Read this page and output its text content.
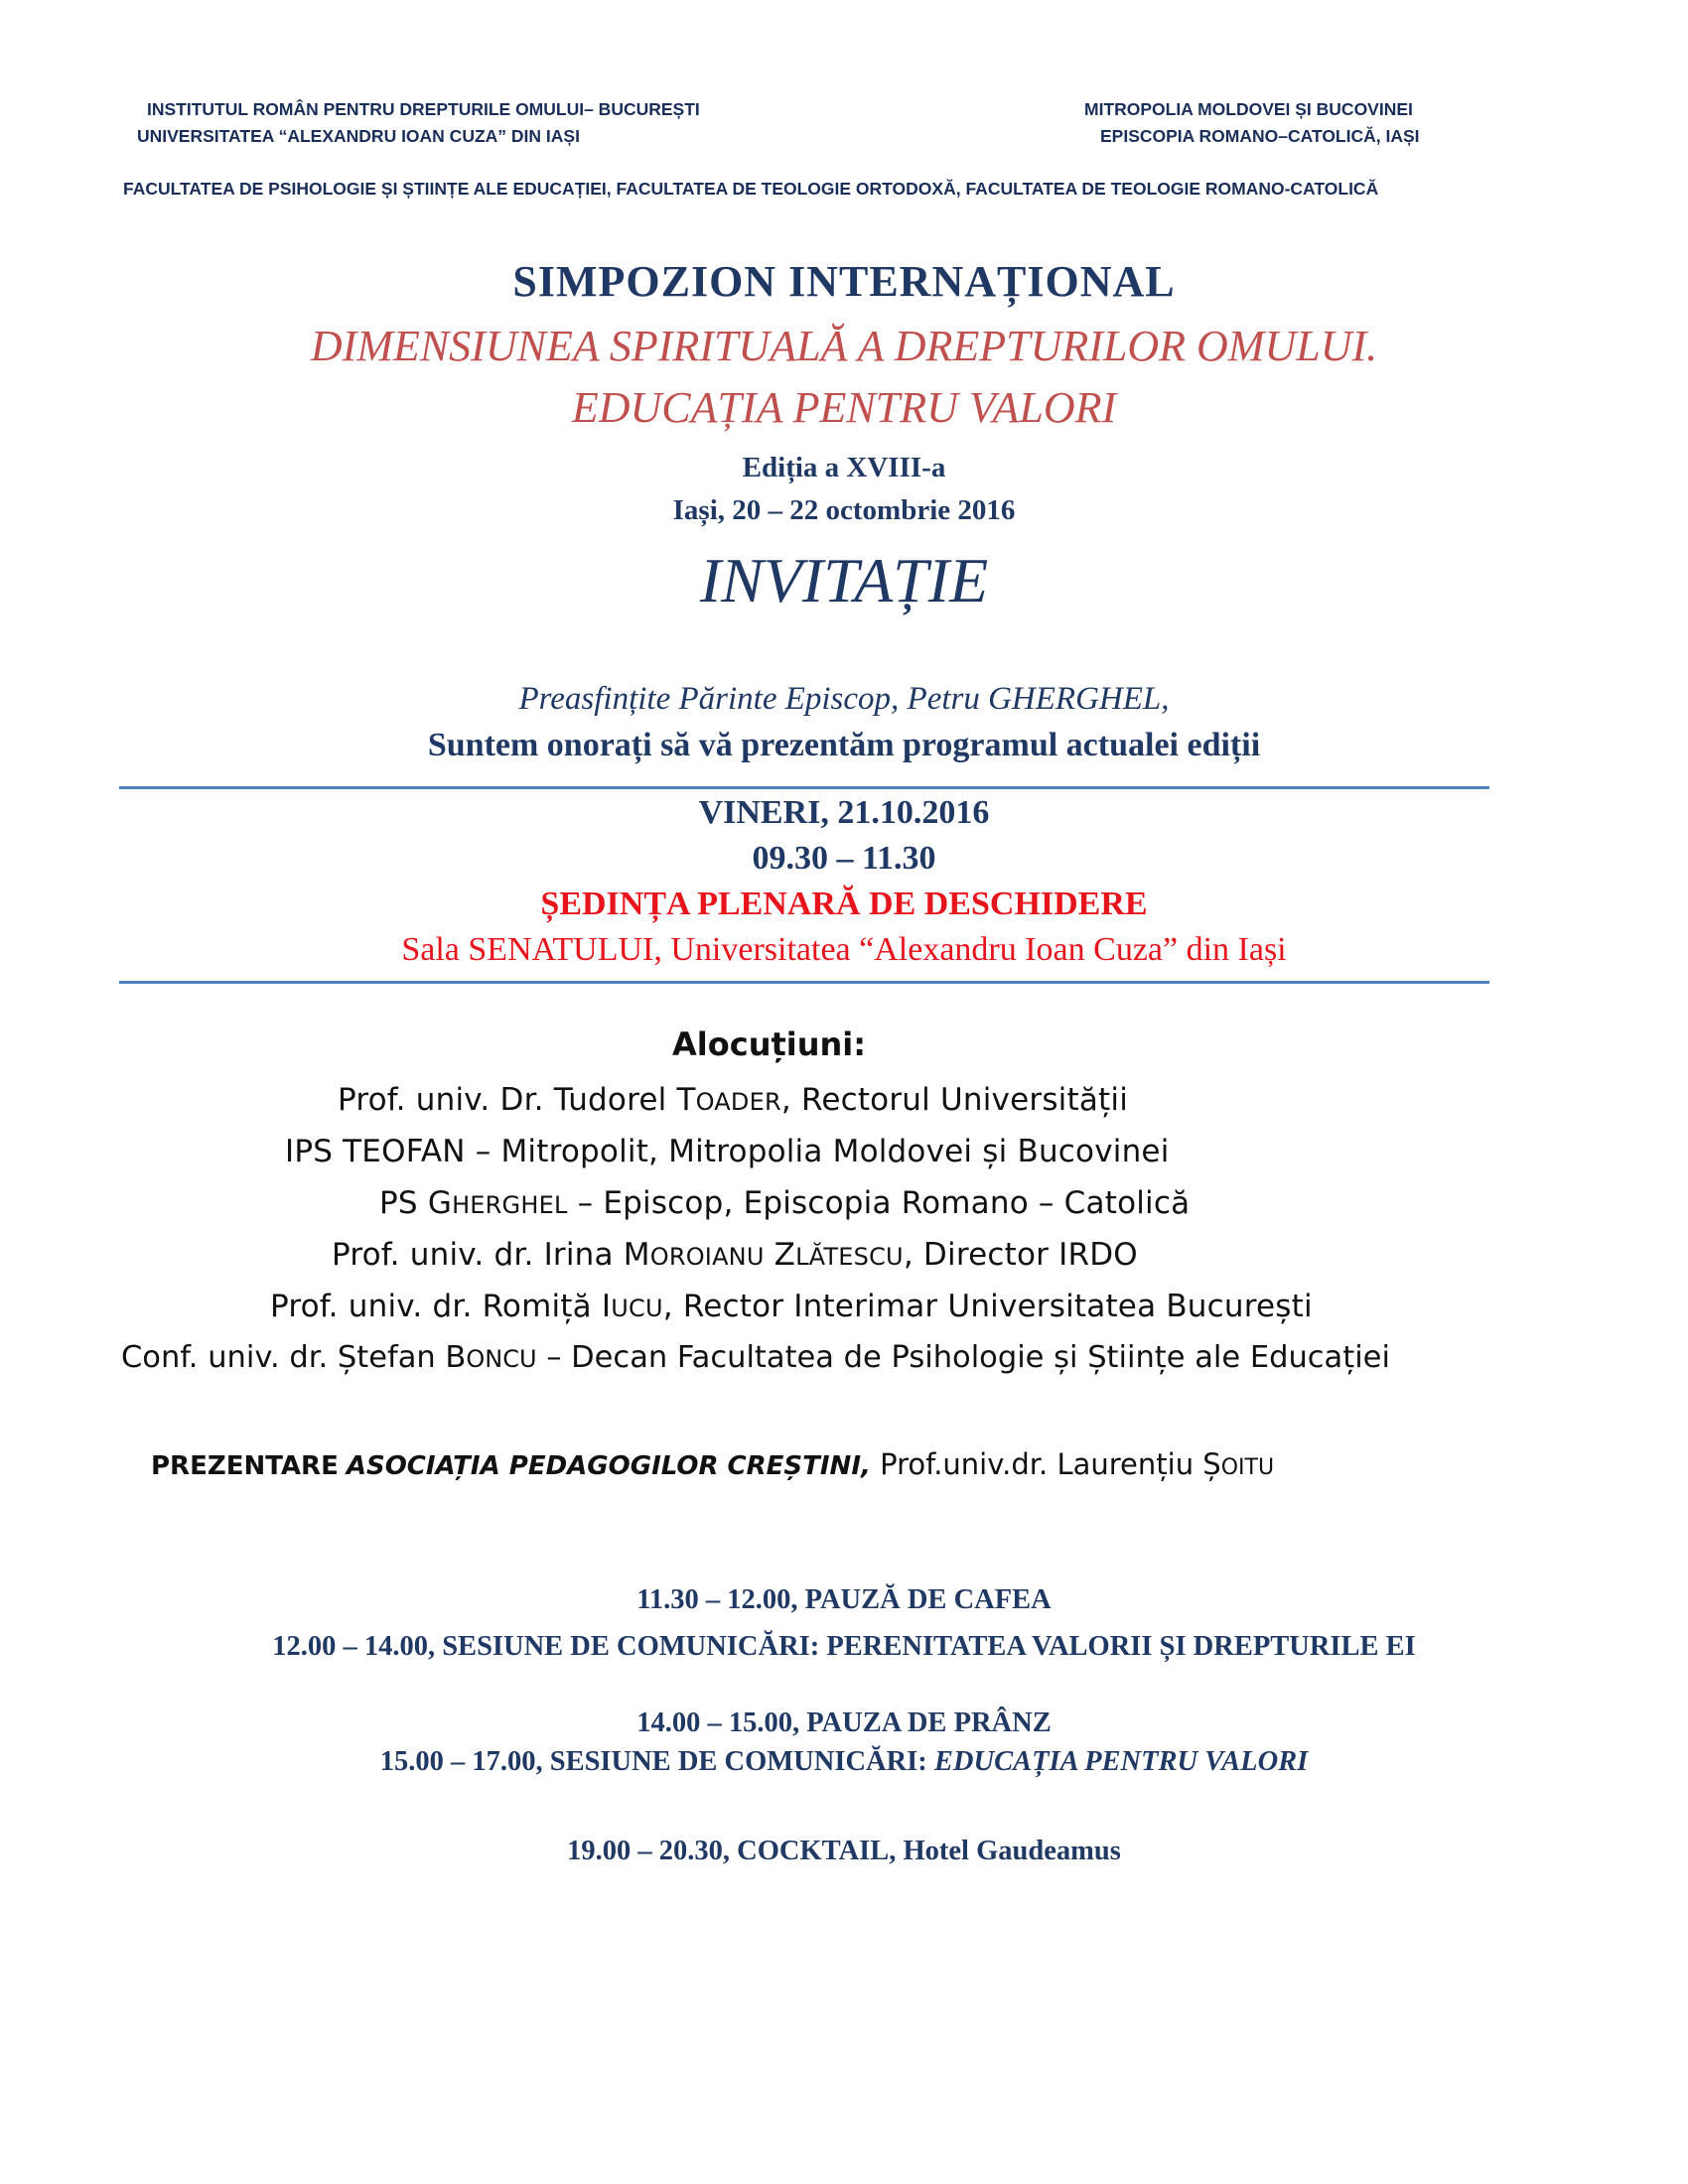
INSTITUTUL ROMÂN PENTRU DREPTURILE OMULUI– BUCUREȘTI
UNIVERSITATEA “ALEXANDRU IOAN CUZA” DIN IAȘI
MITROPOLIA MOLDOVEI ȘI BUCOVINEI
EPISCOPIA ROMANO–CATOLICĂ, IAȘI
FACULTATEA DE PSIHOLOGIE ȘI ȘTIINȚE ALE EDUCAȚIEI, FACULTATEA DE TEOLOGIE ORTODOXĂ, FACULTATEA DE TEOLOGIE ROMANO-CATOLICĂ
SIMPOZION INTERNAȚIONAL
DIMENSIUNEA SPIRITUALĂ A DREPTURILOR OMULUI.
EDUCAȚIA PENTRU VALORI
Ediția a XVIII-a
Iași, 20 – 22 octombrie 2016
INVITAȚIE
Preasfințite Părinte Episcop, Petru GHERGHEL,
Suntem onorați să vă prezentăm programul actualei ediții
VINERI, 21.10.2016
09.30 – 11.30
ȘEDINȚA PLENARĂ DE DESCHIDERE
Sala SENATULUI, Universitatea “Alexandru Ioan Cuza” din Iași
Alocuțiuni:
Prof. univ. Dr. Tudorel TOADER, Rectorul Universității
IPS TEOFAN – Mitropolit, Mitropolia Moldovei și Bucovinei
PS GHERGHEL – Episcop, Episcopia Romano – Catolică
Prof. univ. dr. Irina MOROIANU ZLĂTESCU, Director IRDO
Prof. univ. dr. Romiță IUCU, Rector Interimar Universitatea București
Conf. univ. dr. Ștefan BONCU – Decan Facultatea de Psihologie și Științe ale Educației
PREZENTARE ASOCIAȚIA PEDAGOGILOR CREȘTINI, Prof.univ.dr. Laurențiu ȘOITU
11.30 – 12.00, PAUZĂ DE CAFEA
12.00 – 14.00, SESIUNE DE COMUNICĂRI: PERENITATEA VALORII ȘI DREPTURILE EI
14.00 – 15.00, PAUZA DE PRÂNZ
15.00 – 17.00, SESIUNE DE COMUNICĂRI: EDUCAȚIA PENTRU VALORI
19.00 – 20.30, COCKTAIL, Hotel Gaudeamus
